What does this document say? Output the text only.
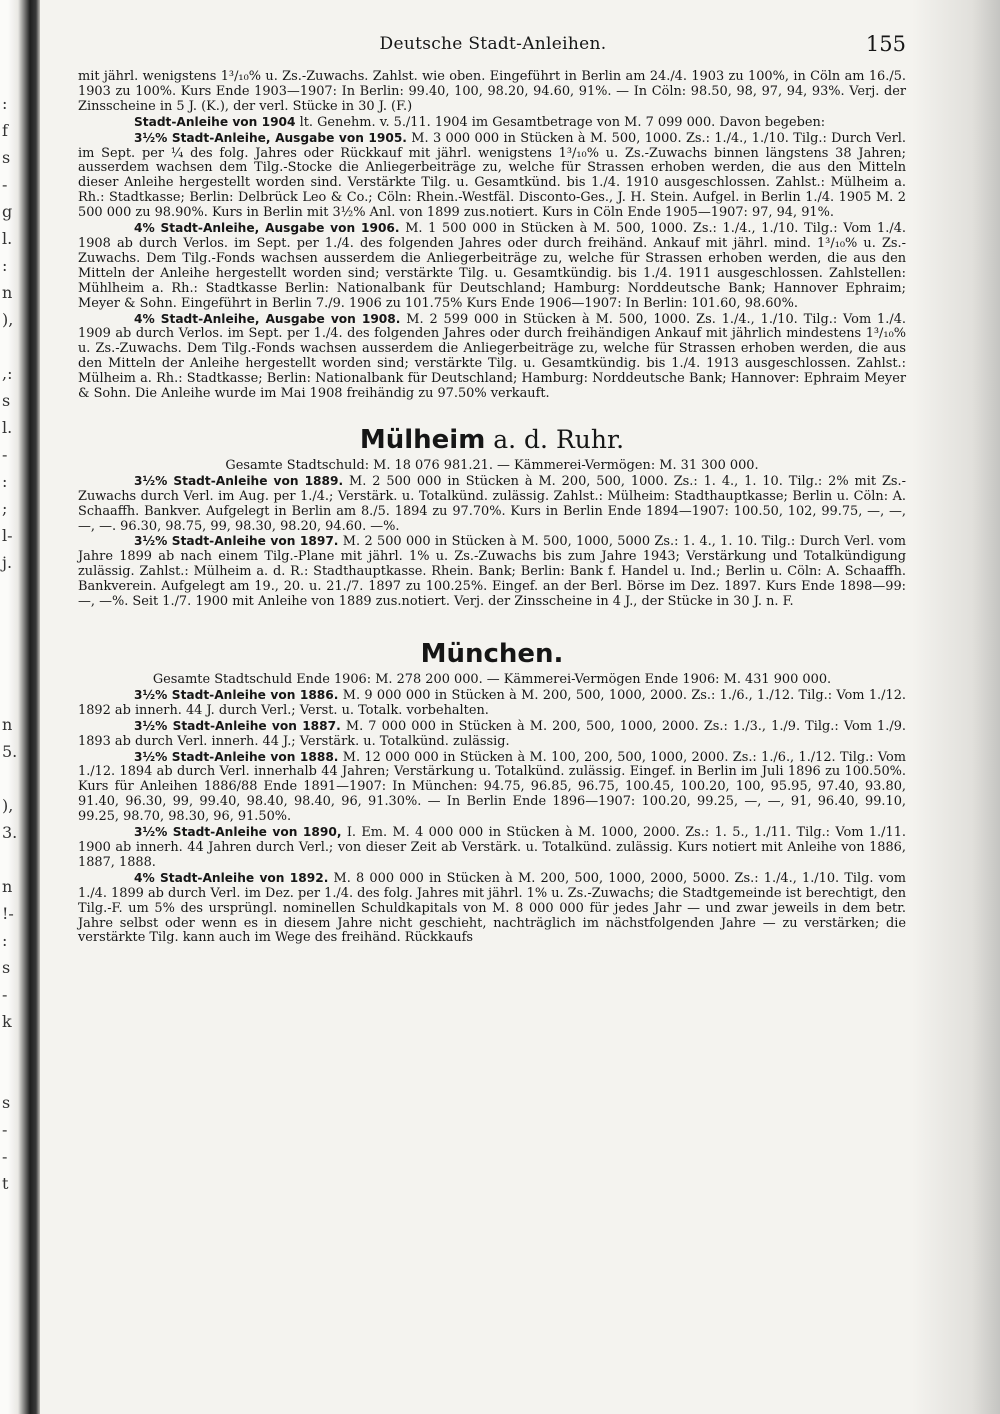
:
f
s
-
g
l.
:
n
),

,:
s
l.
-
:
;
l-
j.

n
5.

),
3.

n
!-
:
s
-
k

s
-
-
t
Deutsche Stadt-Anleihen.	155

mit jährl. wenigstens 1³/₁₀% u. Zs.-Zuwachs. Zahlst. wie oben. Eingeführt in Berlin am 24./4. 1903 zu 100%, in Cöln am 16./5. 1903 zu 100%. Kurs Ende 1903—1907: In Berlin: 99.40, 100, 98.20, 94.60, 91%. — In Cöln: 98.50, 98, 97, 94, 93%. Verj. der Zinsscheine in 5 J. (K.), der verl. Stücke in 30 J. (F.)

Stadt-Anleihe von 1904 lt. Genehm. v. 5./11. 1904 im Gesamtbetrage von M. 7 099 000. Davon begeben:

3½% Stadt-Anleihe, Ausgabe von 1905. M. 3 000 000 in Stücken à M. 500, 1000. Zs.: 1./4., 1./10. Tilg.: Durch Verl. im Sept. per ¼ des folg. Jahres oder Rückkauf mit jährl. wenigstens 1³/₁₀% u. Zs.-Zuwachs binnen längstens 38 Jahren; ausserdem wachsen dem Tilg.-Stocke die Anliegerbeiträge zu, welche für Strassen erhoben werden, die aus den Mitteln dieser Anleihe hergestellt worden sind. Verstärkte Tilg. u. Gesamtkünd. bis 1./4. 1910 ausgeschlossen. Zahlst.: Mülheim a. Rh.: Stadtkasse; Berlin: Delbrück Leo & Co.; Cöln: Rhein.-Westfäl. Disconto-Ges., J. H. Stein. Aufgel. in Berlin 1./4. 1905 M. 2 500 000 zu 98.90%. Kurs in Berlin mit 3½% Anl. von 1899 zus.notiert. Kurs in Cöln Ende 1905—1907: 97, 94, 91%.

4% Stadt-Anleihe, Ausgabe von 1906. M. 1 500 000 in Stücken à M. 500, 1000. Zs.: 1./4., 1./10. Tilg.: Vom 1./4. 1908 ab durch Verlos. im Sept. per 1./4. des folgenden Jahres oder durch freihänd. Ankauf mit jährl. mind. 1³/₁₀% u. Zs.-Zuwachs. Dem Tilg.-Fonds wachsen ausserdem die Anliegerbeiträge zu, welche für Strassen erhoben werden, die aus den Mitteln der Anleihe hergestellt worden sind; verstärkte Tilg. u. Gesamtkündig. bis 1./4. 1911 ausgeschlossen. Zahlstellen: Mühlheim a. Rh.: Stadtkasse Berlin: Nationalbank für Deutschland; Hamburg: Norddeutsche Bank; Hannover Ephraim; Meyer & Sohn. Eingeführt in Berlin 7./9. 1906 zu 101.75% Kurs Ende 1906—1907: In Berlin: 101.60, 98.60%.

4% Stadt-Anleihe, Ausgabe von 1908. M. 2 599 000 in Stücken à M. 500, 1000. Zs. 1./4., 1./10. Tilg.: Vom 1./4. 1909 ab durch Verlos. im Sept. per 1./4. des folgenden Jahres oder durch freihändigen Ankauf mit jährlich mindestens 1³/₁₀% u. Zs.-Zuwachs. Dem Tilg.-Fonds wachsen ausserdem die Anliegerbeiträge zu, welche für Strassen erhoben werden, die aus den Mitteln der Anleihe hergestellt worden sind; verstärkte Tilg. u. Gesamtkündig. bis 1./4. 1913 ausgeschlossen. Zahlst.: Mülheim a. Rh.: Stadtkasse; Berlin: Nationalbank für Deutschland; Hamburg: Norddeutsche Bank; Hannover: Ephraim Meyer & Sohn. Die Anleihe wurde im Mai 1908 freihändig zu 97.50% verkauft.

Mülheim a. d. Ruhr.

Gesamte Stadtschuld: M. 18 076 981.21. — Kämmerei-Vermögen: M. 31 300 000.

3½% Stadt-Anleihe von 1889. M. 2 500 000 in Stücken à M. 200, 500, 1000. Zs.: 1. 4., 1. 10. Tilg.: 2% mit Zs.-Zuwachs durch Verl. im Aug. per 1./4.; Verstärk. u. Totalkünd. zulässig. Zahlst.: Mülheim: Stadthauptkasse; Berlin u. Cöln: A. Schaaffh. Bankver. Aufgelegt in Berlin am 8./5. 1894 zu 97.70%. Kurs in Berlin Ende 1894—1907: 100.50, 102, 99.75, —, —, —, —. 96.30, 98.75, 99, 98.30, 98.20, 94.60. —%.

3½% Stadt-Anleihe von 1897. M. 2 500 000 in Stücken à M. 500, 1000, 5000 Zs.: 1. 4., 1. 10. Tilg.: Durch Verl. vom Jahre 1899 ab nach einem Tilg.-Plane mit jährl. 1% u. Zs.-Zuwachs bis zum Jahre 1943; Verstärkung und Totalkündigung zulässig. Zahlst.: Mülheim a. d. R.: Stadthauptkasse. Rhein. Bank; Berlin: Bank f. Handel u. Ind.; Berlin u. Cöln: A. Schaaffh. Bankverein. Aufgelegt am 19., 20. u. 21./7. 1897 zu 100.25%. Eingef. an der Berl. Börse im Dez. 1897. Kurs Ende 1898—99: —, —%. Seit 1./7. 1900 mit Anleihe von 1889 zus.notiert. Verj. der Zinsscheine in 4 J., der Stücke in 30 J. n. F.

München.

Gesamte Stadtschuld Ende 1906: M. 278 200 000. — Kämmerei-Vermögen Ende 1906: M. 431 900 000.

3½% Stadt-Anleihe von 1886. M. 9 000 000 in Stücken à M. 200, 500, 1000, 2000. Zs.: 1./6., 1./12. Tilg.: Vom 1./12. 1892 ab innerh. 44 J. durch Verl.; Verst. u. Totalk. vorbehalten.

3½% Stadt-Anleihe von 1887. M. 7 000 000 in Stücken à M. 200, 500, 1000, 2000. Zs.: 1./3., 1./9. Tilg.: Vom 1./9. 1893 ab durch Verl. innerh. 44 J.; Verstärk. u. Totalkünd. zulässig.

3½% Stadt-Anleihe von 1888. M. 12 000 000 in Stücken à M. 100, 200, 500, 1000, 2000. Zs.: 1./6., 1./12. Tilg.: Vom 1./12. 1894 ab durch Verl. innerhalb 44 Jahren; Verstärkung u. Totalkünd. zulässig. Eingef. in Berlin im Juli 1896 zu 100.50%. Kurs für Anleihen 1886/88 Ende 1891—1907: In München: 94.75, 96.85, 96.75, 100.45, 100.20, 100, 95.95, 97.40, 93.80, 91.40, 96.30, 99, 99.40, 98.40, 98.40, 96, 91.30%. — In Berlin Ende 1896—1907: 100.20, 99.25, —, —, 91, 96.40, 99.10, 99.25, 98.70, 98.30, 96, 91.50%.

3½% Stadt-Anleihe von 1890, I. Em. M. 4 000 000 in Stücken à M. 1000, 2000. Zs.: 1. 5., 1./11. Tilg.: Vom 1./11. 1900 ab innerh. 44 Jahren durch Verl.; von dieser Zeit ab Verstärk. u. Totalkünd. zulässig. Kurs notiert mit Anleihe von 1886, 1887, 1888.

4% Stadt-Anleihe von 1892. M. 8 000 000 in Stücken à M. 200, 500, 1000, 2000, 5000. Zs.: 1./4., 1./10. Tilg. vom 1./4. 1899 ab durch Verl. im Dez. per 1./4. des folg. Jahres mit jährl. 1% u. Zs.-Zuwachs; die Stadtgemeinde ist berechtigt, den Tilg.-F. um 5% des ursprüngl. nominellen Schuldkapitals von M. 8 000 000 für jedes Jahr — und zwar jeweils in dem betr. Jahre selbst oder wenn es in diesem Jahre nicht geschieht, nachträglich im nächstfolgenden Jahre — zu verstärken; die verstärkte Tilg. kann auch im Wege des freihänd. Rückkaufs
